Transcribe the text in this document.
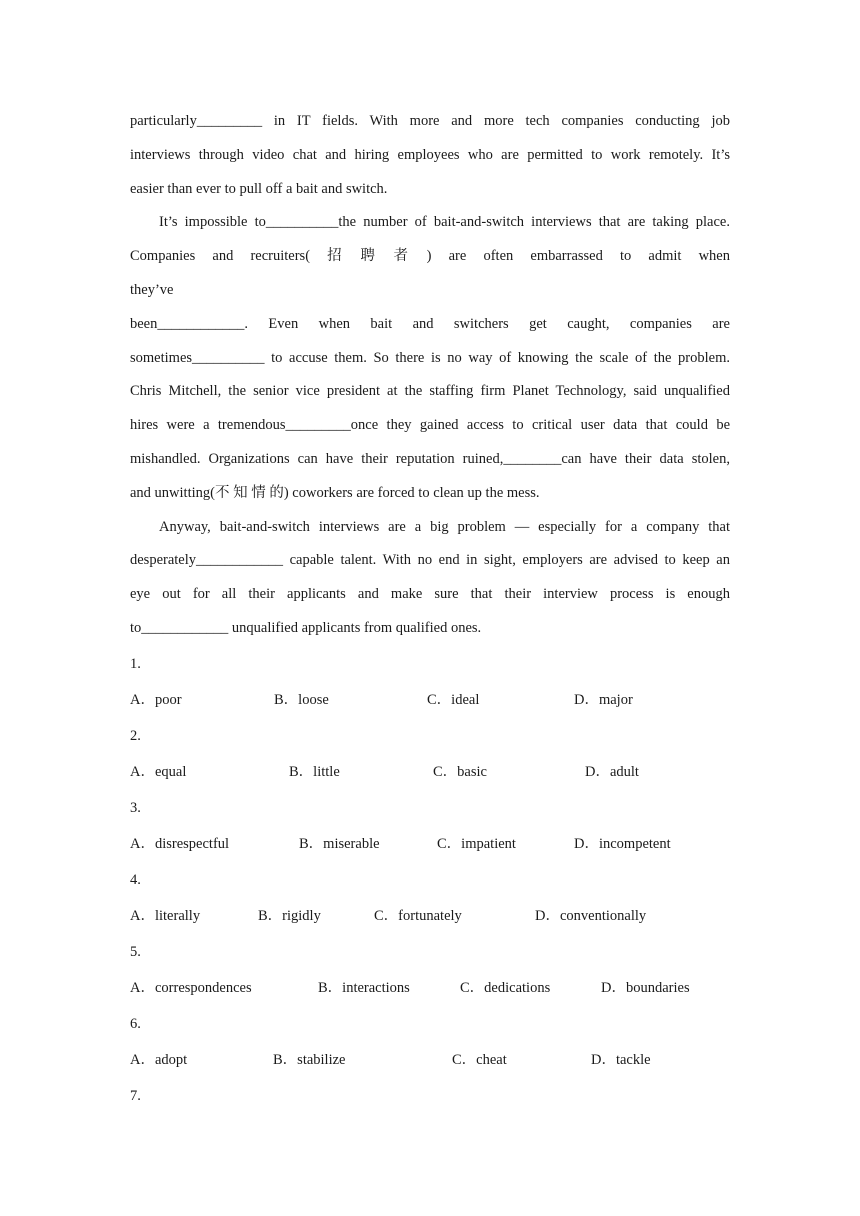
particularly_________ in IT fields. With more and more tech companies conducting job
interviews through video chat and hiring employees who are permitted to work remotely. It’s
easier than ever to pull off a bait and switch.
It’s impossible to__________the number of bait-and-switch interviews that are taking place.
Companies and recruiters( 招 聘 者 ) are often embarrassed to admit when they’ve
been____________. Even when bait and switchers get caught, companies are
sometimes__________ to accuse them. So there is no way of knowing the scale of the problem.
Chris Mitchell, the senior vice president at the staffing firm Planet Technology, said unqualified
hires were a tremendous_________once they gained access to critical user data that could be
mishandled. Organizations can have their reputation ruined,________can have their data stolen,
and unwitting(不 知 情 的) coworkers are forced to clean up the mess.
Anyway, bait-and-switch interviews are a big problem — especially for a company that
desperately____________ capable talent. With no end in sight, employers are advised to keep an
eye out for all their applicants and make sure that their interview process is enough
to____________ unqualified applicants from qualified ones.
1.
A．poor	B．loose	C．ideal	D．major
2.
A．equal	B．little	C．basic	D．adult
3.
A．disrespectful	B．miserable	C．impatient	D．incompetent
4.
A．literally	B．rigidly	C．fortunately	D．conventionally
5.
A．correspondences	B．interactions	C．dedications	D．boundaries
6.
A．adopt	B．stabilize	C．cheat	D．tackle
7.
